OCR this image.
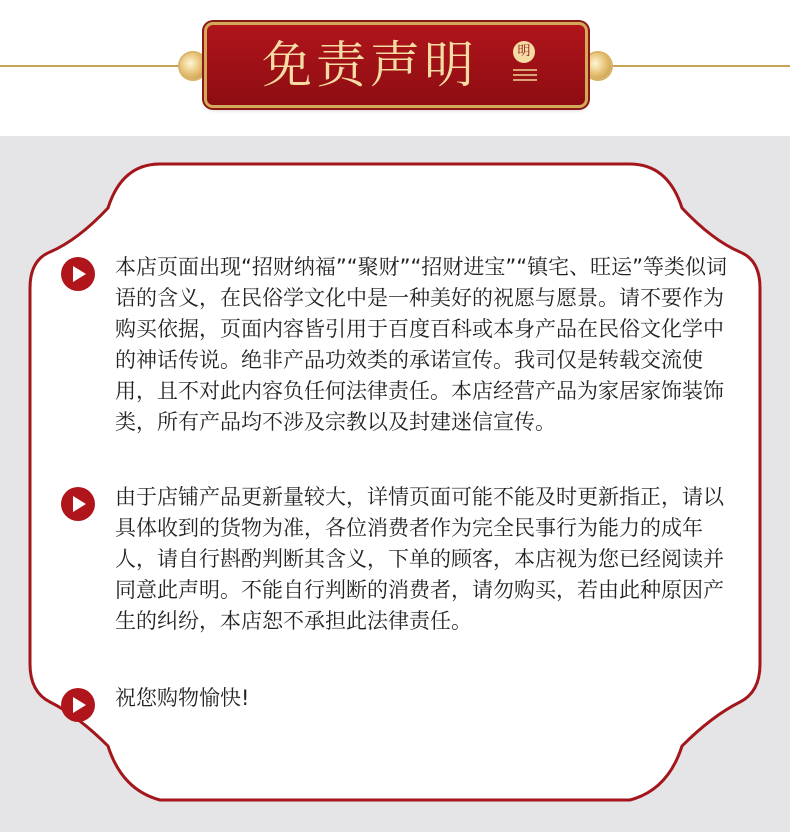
免责声明	明

本店页面出现“招财纳福”“聚财”“招财进宝”“镇宅、旺运”等类似词语的含义，在民俗学文化中是一种美好的祝愿与愿景。请不要作为购买依据，页面内容皆引用于百度百科或本身产品在民俗文化学中的神话传说。绝非产品功效类的承诺宣传。我司仅是转载交流使用，且不对此内容负任何法律责任。本店经营产品为家居家饰装饰类，所有产品均不涉及宗教以及封建迷信宣传。

由于店铺产品更新量较大，详情页面可能不能及时更新指正，请以具体收到的货物为准，各位消费者作为完全民事行为能力的成年人，请自行斟酌判断其含义，下单的顾客，本店视为您已经阅读并同意此声明。不能自行判断的消费者，请勿购买，若由此种原因产生的纠纷，本店恕不承担此法律责任。

祝您购物愉快!
